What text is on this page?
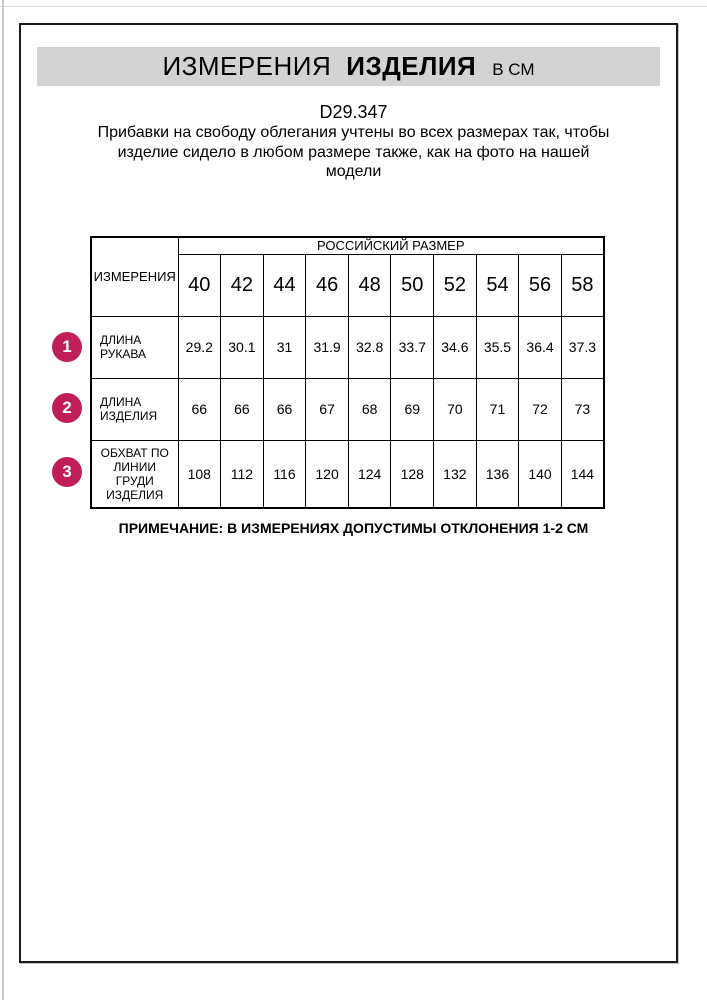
ИЗМЕРЕНИЯ ИЗДЕЛИЯ В СМ
D29.347
Прибавки на свободу облегания учтены во всех размерах так, чтобы
изделие сидело в любом размере также, как на фото на нашей
модели
ИЗМЕРЕНИЯ	РОССИЙСКИЙ РАЗМЕР									
	40	42	44	46	48	50	52	54	56	58
ДЛИНА РУКАВА	29.2	30.1	31	31.9	32.8	33.7	34.6	35.5	36.4	37.3
ДЛИНА ИЗДЕЛИЯ	66	66	66	67	68	69	70	71	72	73
ОБХВАТ ПО ЛИНИИ ГРУДИ ИЗДЕЛИЯ	108	112	116	120	124	128	132	136	140	144
1
2
3
ПРИМЕЧАНИЕ: В ИЗМЕРЕНИЯХ ДОПУСТИМЫ ОТКЛОНЕНИЯ 1-2 СМ
